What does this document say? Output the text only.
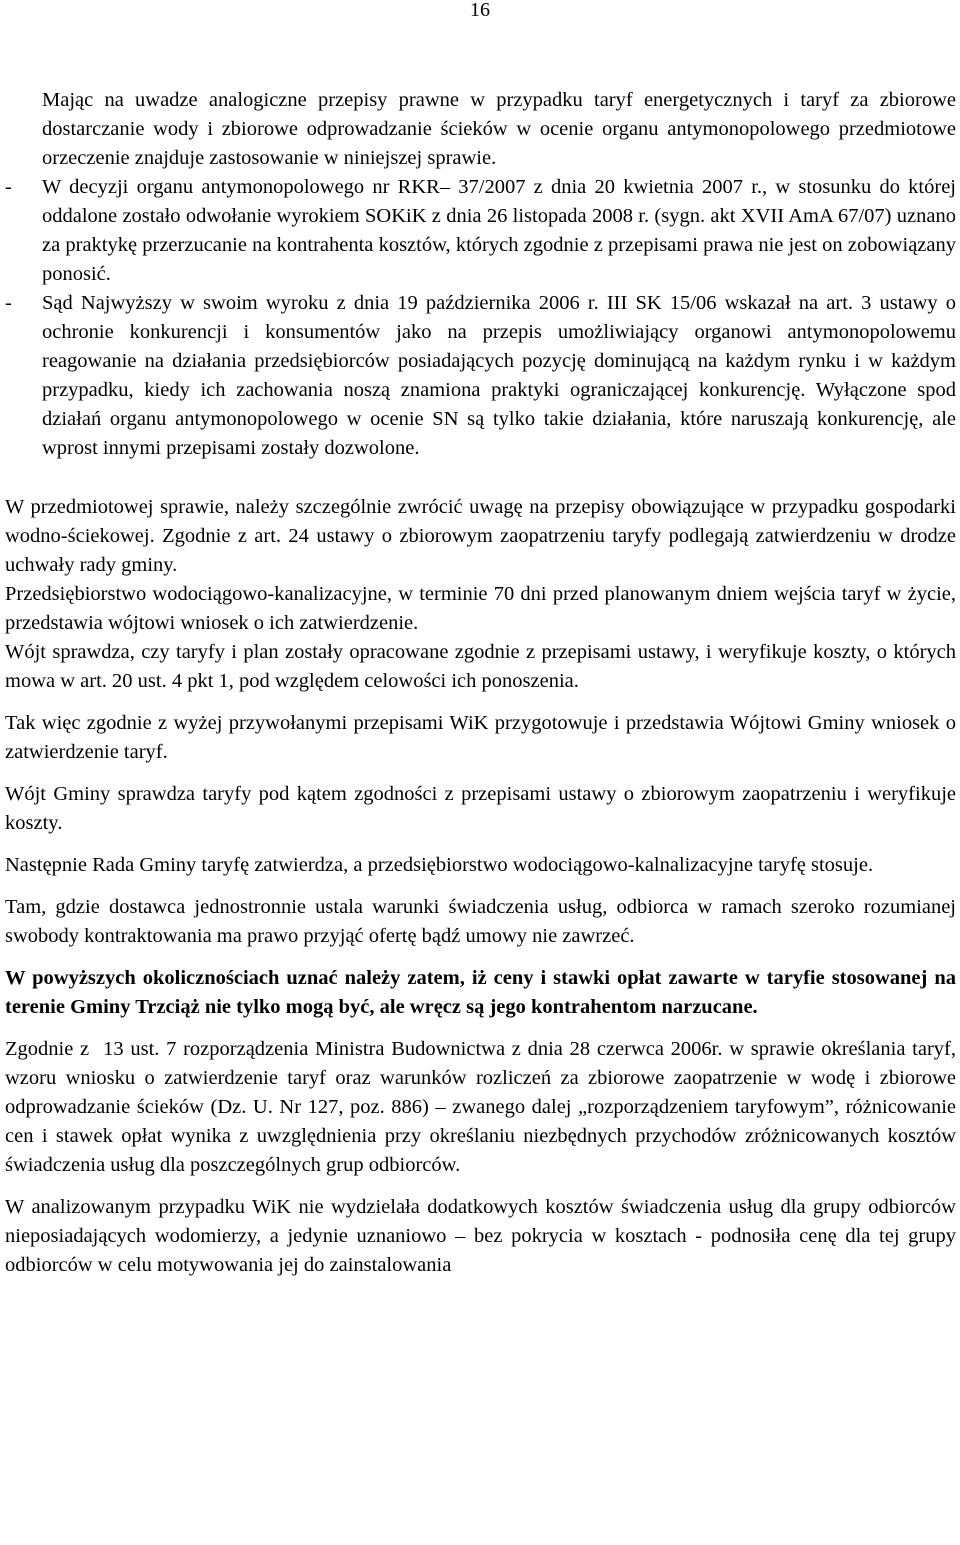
16

Mając na uwadze analogiczne przepisy prawne w przypadku taryf energetycznych i taryf za zbiorowe dostarczanie wody i zbiorowe odprowadzanie ścieków w ocenie organu antymonopolowego przedmiotowe orzeczenie znajduje zastosowanie w niniejszej sprawie.

- W decyzji organu antymonopolowego nr RKR– 37/2007 z dnia 20 kwietnia 2007 r., w stosunku do której oddalone zostało odwołanie wyrokiem SOKiK z dnia 26 listopada 2008 r. (sygn. akt XVII AmA 67/07) uznano za praktykę przerzucanie na kontrahenta kosztów, których zgodnie z przepisami prawa nie jest on zobowiązany ponosić.

- Sąd Najwyższy w swoim wyroku z dnia 19 października 2006 r. III SK 15/06 wskazał na art. 3 ustawy o ochronie konkurencji i konsumentów jako na przepis umożliwiający organowi antymonopolowemu reagowanie na działania przedsiębiorców posiadających pozycję dominującą na każdym rynku i w każdym przypadku, kiedy ich zachowania noszą znamiona praktyki ograniczającej konkurencję. Wyłączone spod działań organu antymonopolowego w ocenie SN są tylko takie działania, które naruszają konkurencję, ale wprost innymi przepisami zostały dozwolone.

W przedmiotowej sprawie, należy szczególnie zwrócić uwagę na przepisy obowiązujące w przypadku gospodarki wodno-ściekowej. Zgodnie z art. 24 ustawy o zbiorowym zaopatrzeniu taryfy podlegają zatwierdzeniu w drodze uchwały rady gminy.

Przedsiębiorstwo wodociągowo-kanalizacyjne, w terminie 70 dni przed planowanym dniem wejścia taryf w życie, przedstawia wójtowi wniosek o ich zatwierdzenie.

Wójt sprawdza, czy taryfy i plan zostały opracowane zgodnie z przepisami ustawy, i weryfikuje koszty, o których mowa w art. 20 ust. 4 pkt 1, pod względem celowości ich ponoszenia.

Tak więc zgodnie z wyżej przywołanymi przepisami WiK przygotowuje i przedstawia Wójtowi Gminy wniosek o zatwierdzenie taryf.

Wójt Gminy sprawdza taryfy pod kątem zgodności z przepisami ustawy o zbiorowym zaopatrzeniu i weryfikuje koszty.

Następnie Rada Gminy taryfę zatwierdza, a przedsiębiorstwo wodociągowo-kalnalizacyjne taryfę stosuje.

Tam, gdzie dostawca jednostronnie ustala warunki świadczenia usług, odbiorca w ramach szeroko rozumianej swobody kontraktowania ma prawo przyjąć ofertę bądź umowy nie zawrzeć.

W powyższych okolicznościach uznać należy zatem, iż ceny i stawki opłat zawarte w taryfie stosowanej na terenie Gminy Trzciąż nie tylko mogą być, ale wręcz są jego kontrahentom narzucane.

Zgodnie z 13 ust. 7 rozporządzenia Ministra Budownictwa z dnia 28 czerwca 2006r. w sprawie określania taryf, wzoru wniosku o zatwierdzenie taryf oraz warunków rozliczeń za zbiorowe zaopatrzenie w wodę i zbiorowe odprowadzanie ścieków (Dz. U. Nr 127, poz. 886) – zwanego dalej „rozporządzeniem taryfowym”, różnicowanie cen i stawek opłat wynika z uwzględnienia przy określaniu niezbędnych przychodów zróżnicowanych kosztów świadczenia usług dla poszczególnych grup odbiorców.

W analizowanym przypadku WiK nie wydzielała dodatkowych kosztów świadczenia usług dla grupy odbiorców nieposiadających wodomierzy, a jedynie uznaniowo – bez pokrycia w kosztach - podnosiła cenę dla tej grupy odbiorców w celu motywowania jej do zainstalowania
